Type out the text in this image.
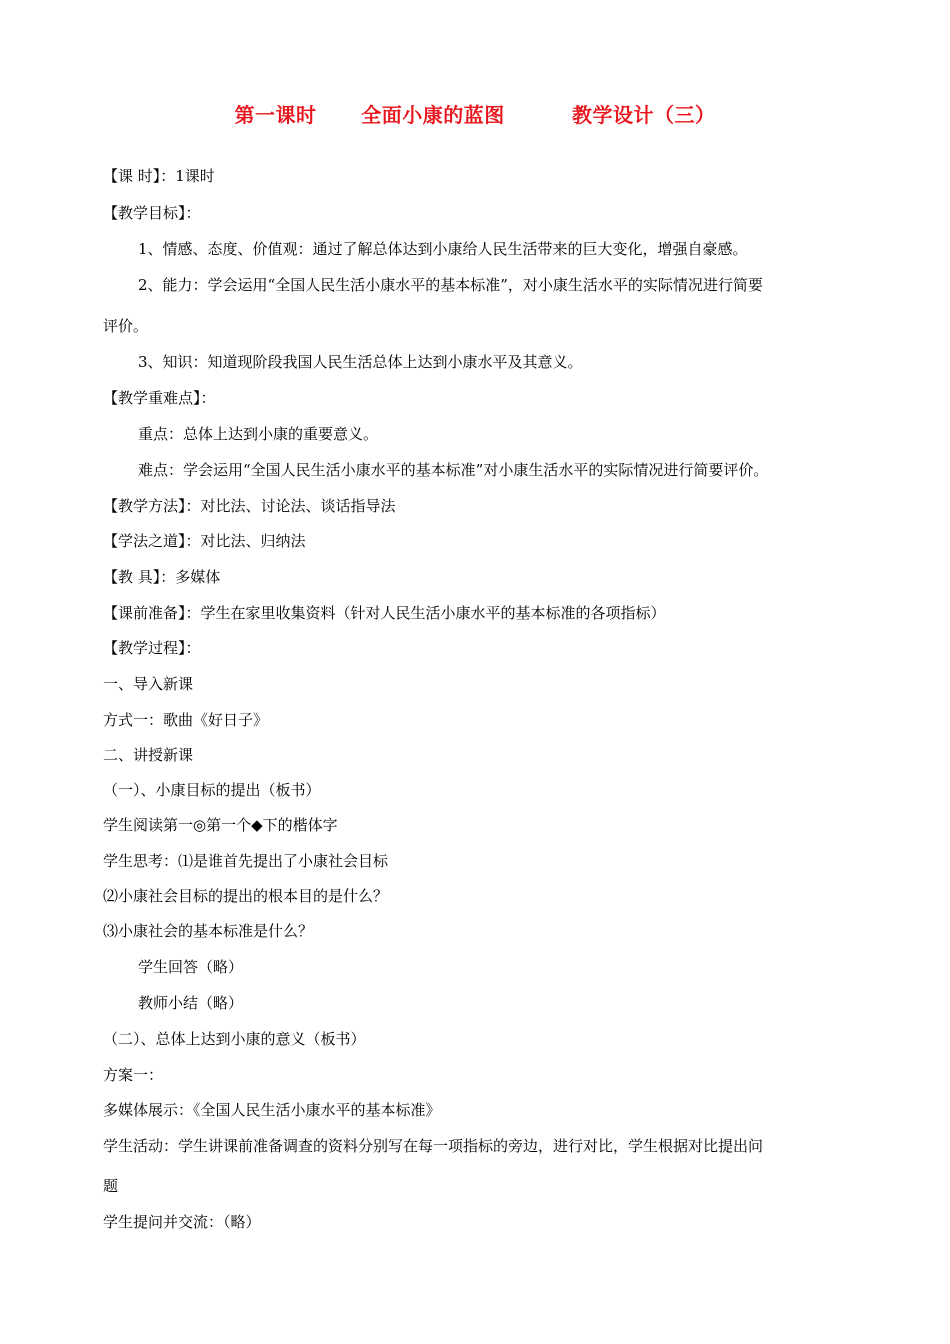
第一课时      全面小康的蓝图         教学设计（三）
【课 时】：1课时
【教学目标】：
1、情感、态度、价值观：通过了解总体达到小康给人民生活带来的巨大变化，增强自豪感。
2、能力：学会运用“全国人民生活小康水平的基本标准”，对小康生活水平的实际情况进行简要
评价。
3、知识：知道现阶段我国人民生活总体上达到小康水平及其意义。
【教学重难点】：
重点：总体上达到小康的重要意义。
难点：学会运用“全国人民生活小康水平的基本标准”对小康生活水平的实际情况进行简要评价。
【教学方法】：对比法、讨论法、谈话指导法
【学法之道】：对比法、归纳法
【教 具】：多媒体
【课前准备】：学生在家里收集资料（针对人民生活小康水平的基本标准的各项指标）
【教学过程】：
一、导入新课
方式一：歌曲《好日子》
二、讲授新课
（一）、小康目标的提出（板书）
学生阅读第一◎第一个◆下的楷体字
学生思考：⑴是谁首先提出了小康社会目标
⑵小康社会目标的提出的根本目的是什么？
⑶小康社会的基本标准是什么？
学生回答（略）
教师小结（略）
（二）、总体上达到小康的意义（板书）
方案一：
多媒体展示：《全国人民生活小康水平的基本标准》
学生活动：学生讲课前准备调查的资料分别写在每一项指标的旁边，进行对比，学生根据对比提出问
题
学生提问并交流：（略）
